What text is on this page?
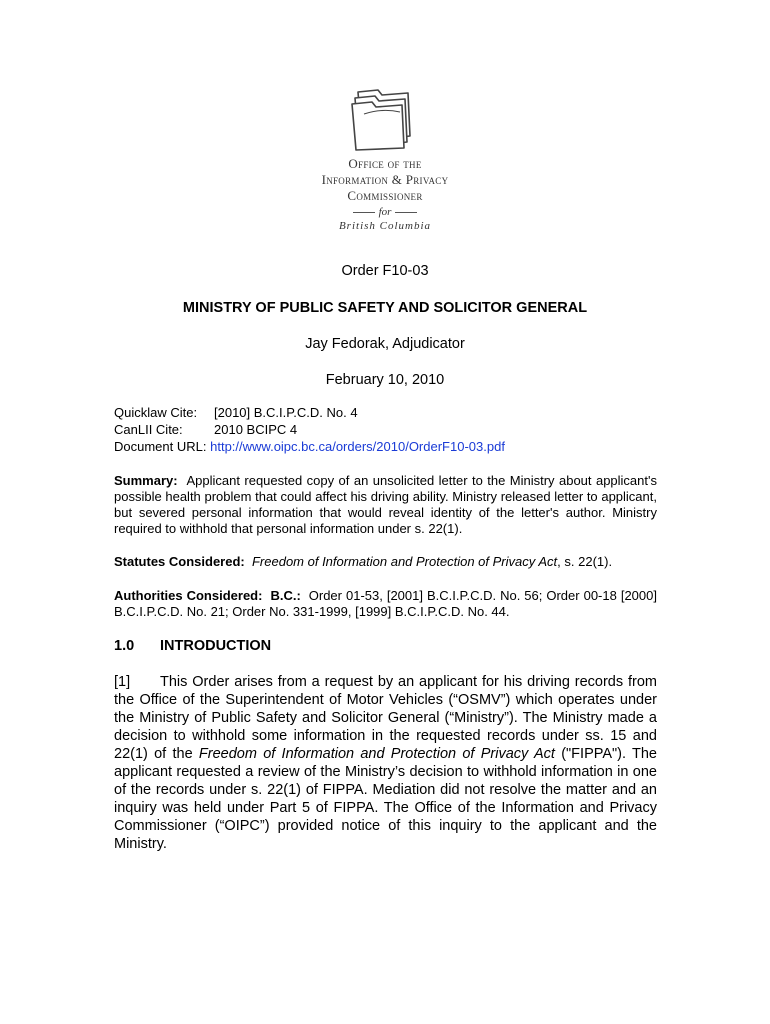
Office of the
Information & Privacy
Commissioner
for
British Columbia
Order F10-03
MINISTRY OF PUBLIC SAFETY AND SOLICITOR GENERAL
Jay Fedorak, Adjudicator
February 10, 2010
Quicklaw Cite: [2010] B.C.I.P.C.D. No. 4
CanLII Cite: 2010 BCIPC 4
Document URL: http://www.oipc.bc.ca/orders/2010/OrderF10-03.pdf
Summary: Applicant requested copy of an unsolicited letter to the Ministry about applicant's possible health problem that could affect his driving ability. Ministry released letter to applicant, but severed personal information that would reveal identity of the letter's author. Ministry required to withhold that personal information under s. 22(1).
Statutes Considered: Freedom of Information and Protection of Privacy Act, s. 22(1).
Authorities Considered: B.C.: Order 01-53, [2001] B.C.I.P.C.D. No. 56; Order 00-18 [2000] B.C.I.P.C.D. No. 21; Order No. 331-1999, [1999] B.C.I.P.C.D. No. 44.
1.0 INTRODUCTION
[1] This Order arises from a request by an applicant for his driving records from the Office of the Superintendent of Motor Vehicles (“OSMV”) which operates under the Ministry of Public Safety and Solicitor General (“Ministry”). The Ministry made a decision to withhold some information in the requested records under ss. 15 and 22(1) of the Freedom of Information and Protection of Privacy Act ("FIPPA"). The applicant requested a review of the Ministry’s decision to withhold information in one of the records under s. 22(1) of FIPPA. Mediation did not resolve the matter and an inquiry was held under Part 5 of FIPPA. The Office of the Information and Privacy Commissioner (“OIPC”) provided notice of this inquiry to the applicant and the Ministry.
